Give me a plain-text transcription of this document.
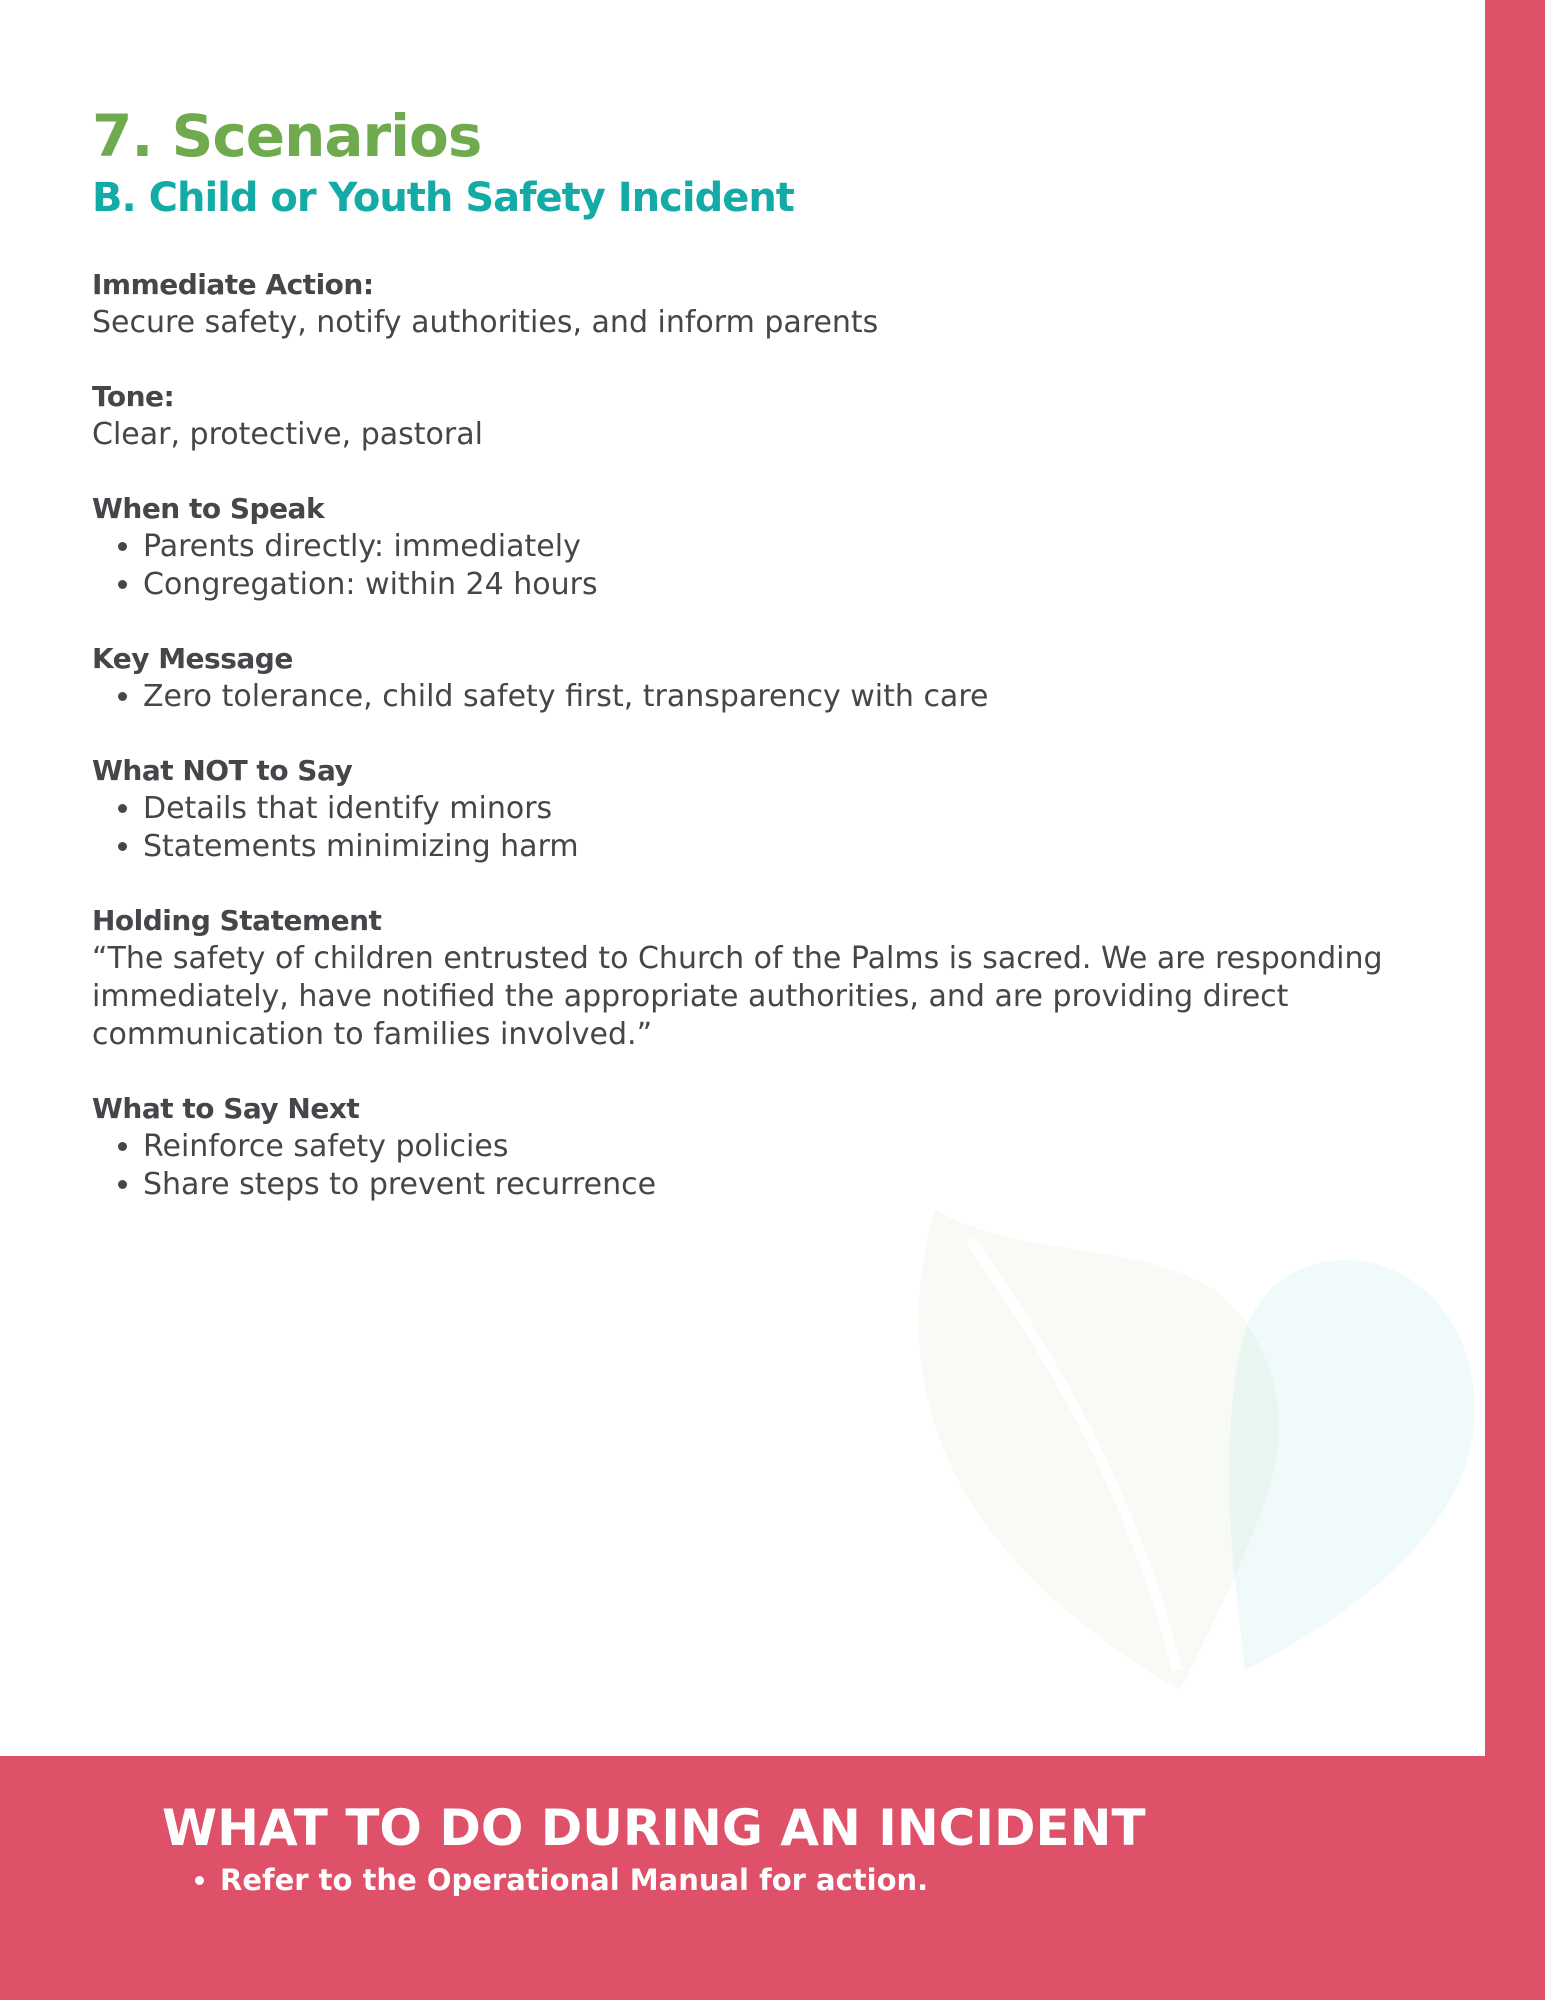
7. Scenarios
B. Child or Youth Safety Incident

Immediate Action:

Secure safety, notify authorities, and inform parents

Tone:

Clear, protective, pastoral

When to Speak

• Parents directly: immediately
• Congregation: within 24 hours

Key Message

• Zero tolerance, child safety first, transparency with care

What NOT to Say

• Details that identify minors
• Statements minimizing harm

Holding Statement

“The safety of children entrusted to Church of the Palms is sacred. We are responding immediately, have notified the appropriate authorities, and are providing direct communication to families involved.”

What to Say Next

• Reinforce safety policies
• Share steps to prevent recurrence

WHAT TO DO DURING AN INCIDENT

• Refer to the Operational Manual for action.
